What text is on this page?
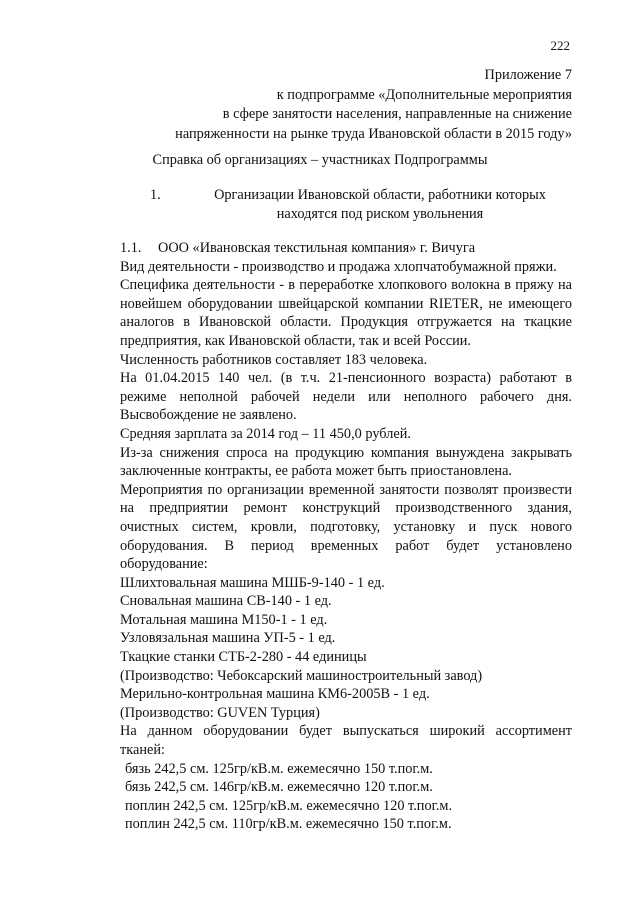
222
Приложение 7
к подпрограмме «Дополнительные мероприятия
в сфере занятости населения, направленные на снижение
напряженности на рынке труда Ивановской области в 2015 году»
Справка об организациях – участниках Подпрограммы
1.	Организации Ивановской области, работники которых
находятся под риском увольнения

1.1. ООО «Ивановская текстильная компания» г. Вичуга

Вид деятельности - производство и продажа хлопчатобумажной пряжи.

Специфика деятельности - в переработке хлопкового волокна в пряжу на новейшем оборудовании швейцарской компании RIETER, не имеющего аналогов в Ивановской области. Продукция отгружается на ткацкие предприятия, как Ивановской области, так и всей России.

Численность работников составляет 183 человека.

На 01.04.2015 140 чел. (в т.ч. 21-пенсионного возраста) работают в режиме неполной рабочей недели или неполного рабочего дня. Высвобождение не заявлено.

Средняя зарплата за 2014 год – 11 450,0 рублей.

Из-за снижения спроса на продукцию компания вынуждена закрывать заключенные контракты, ее работа может быть приостановлена.

Мероприятия по организации временной занятости позволят произвести на предприятии ремонт конструкций производственного здания, очистных систем, кровли, подготовку, установку и пуск нового оборудования. В период временных работ будет установлено оборудование:

Шлихтовальная машина МШБ-9-140 - 1 ед.
Сновальная машина СВ-140 - 1 ед.
Мотальная машина М150-1 - 1 ед.
Узловязальная машина УП-5 - 1 ед.
Ткацкие станки СТБ-2-280 - 44 единицы
(Производство: Чебоксарский машиностроительный завод)
Мерильно-контрольная машина КМ6-2005В - 1 ед.
(Производство: GUVEN Турция)

На данном оборудовании будет выпускаться широкий ассортимент тканей:

бязь 242,5 см. 125гр/кВ.м. ежемесячно 150 т.пог.м.
бязь 242,5 см. 146гр/кВ.м. ежемесячно 120 т.пог.м.
поплин 242,5 см. 125гр/кВ.м. ежемесячно 120 т.пог.м.
поплин 242,5 см. 110гр/кВ.м. ежемесячно 150 т.пог.м.
